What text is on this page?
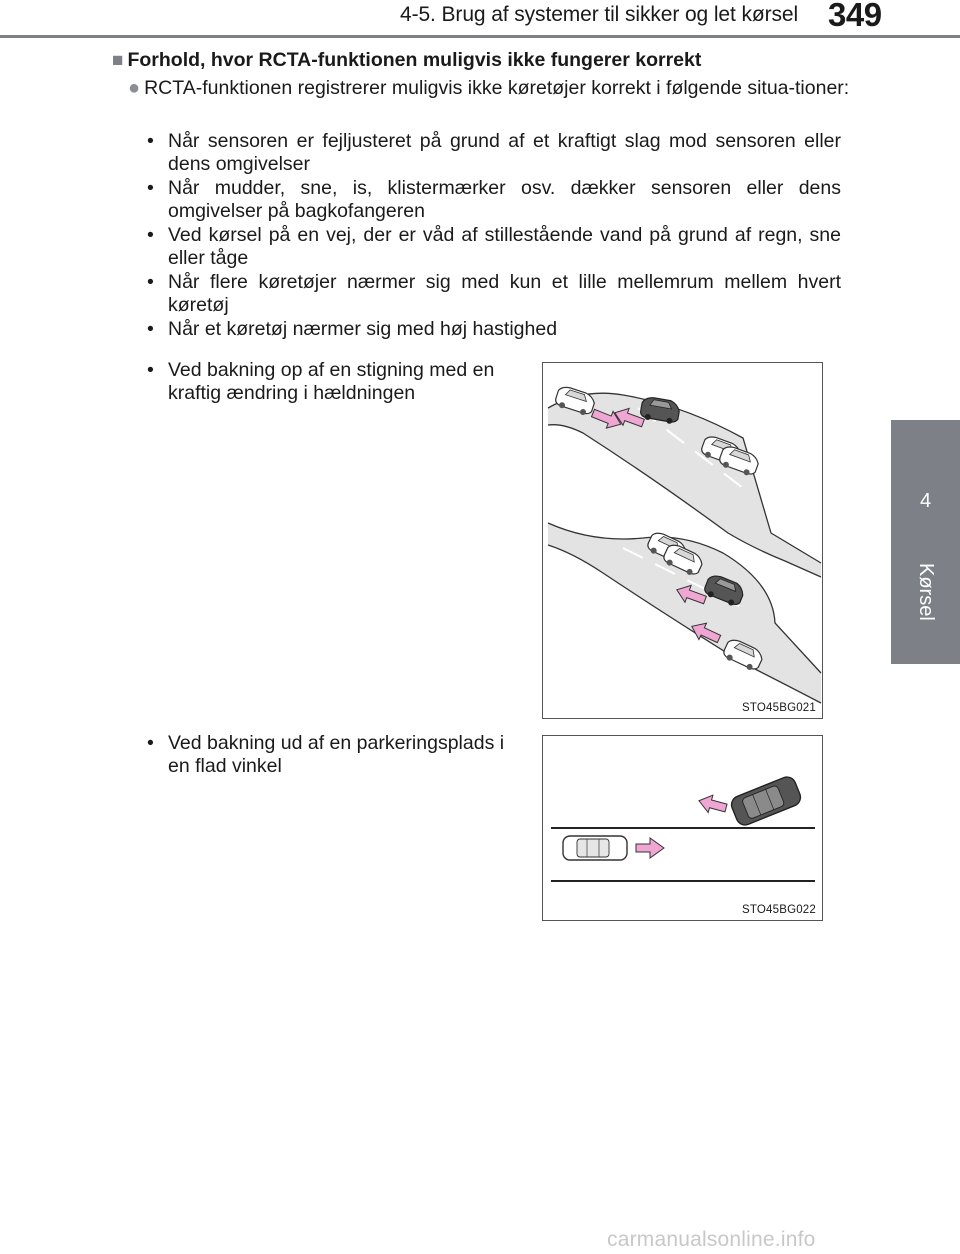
4-5. Brug af systemer til sikker og let kørsel 349
4
Kørsel
■ Forhold, hvor RCTA-funktionen muligvis ikke fungerer korrekt
● RCTA-funktionen registrerer muligvis ikke køretøjer korrekt i følgende situa-tioner:
• Når sensoren er fejljusteret på grund af et kraftigt slag mod sensoren eller dens omgivelser
• Når mudder, sne, is, klistermærker osv. dækker sensoren eller dens omgivelser på bagkofangeren
• Ved kørsel på en vej, der er våd af stillestående vand på grund af regn, sne eller tåge
• Når flere køretøjer nærmer sig med kun et lille mellemrum mellem hvert køretøj
• Når et køretøj nærmer sig med høj hastighed
• Ved bakning op af en stigning med en kraftig ændring i hældningen
STO45BG021
• Ved bakning ud af en parkeringsplads i en flad vinkel
STO45BG022
carmanualsonline.info
